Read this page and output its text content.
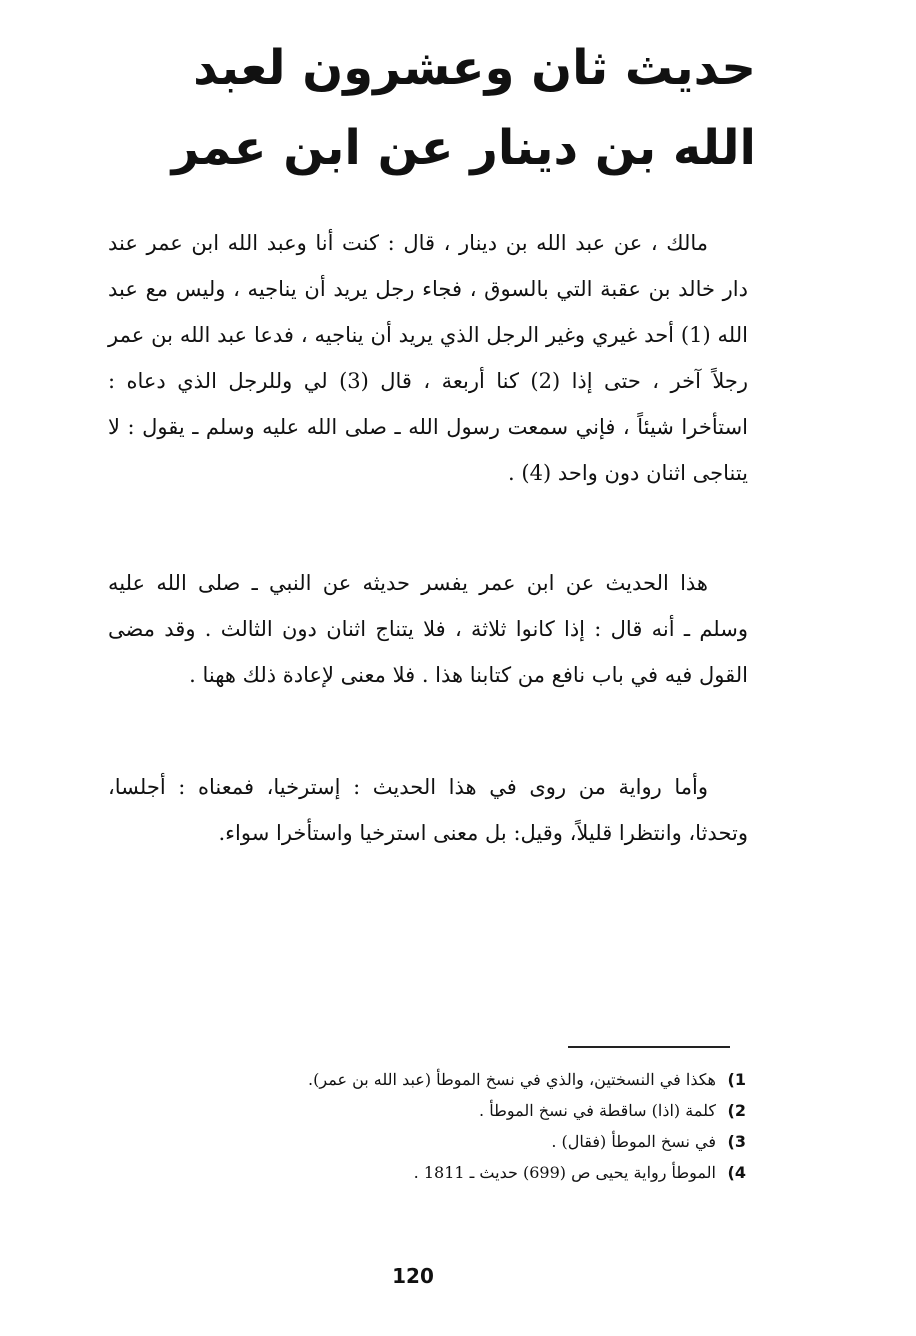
حديث ثان وعشرون لعبد الله بن دينار عن ابن عمر

مالك ، عن عبد الله بن دينار ، قال : كنت أنا وعبد الله ابن عمر عند دار خالد بن عقبة التي بالسوق ، فجاء رجل يريد أن يناجيه ، وليس مع عبد الله (1) أحد غيري وغير الرجل الذي يريد أن يناجيه ، فدعا عبد الله بن عمر رجلاً آخر ، حتى إذا (2) كنا أربعة ، قال (3) لي وللرجل الذي دعاه : استأخرا شيئاً ، فإني سمعت رسول الله ـ صلى الله عليه وسلم ـ يقول : لا يتناجى اثنان دون واحد (4) .

هذا الحديث عن ابن عمر يفسر حديثه عن النبي ـ صلى الله عليه وسلم ـ أنه قال : إذا كانوا ثلاثة ، فلا يتناج اثنان دون الثالث . وقد مضى القول فيه في باب نافع من كتابنا هذا . فلا معنى لإعادة ذلك ههنا .

وأما رواية من روى في هذا الحديث : إسترخيا، فمعناه : أجلسا، وتحدثا، وانتظرا قليلاً، وقيل: بل معنى استرخيا واستأخرا سواء.

1)
هكذا في النسختين، والذي في نسخ الموطأ (عبد الله بن عمر).
2)
كلمة (اذا) ساقطة في نسخ الموطأ .
3)
في نسخ الموطأ (فقال) .
4)
الموطأ رواية يحيى ص (699) حديث ـ 1811 .
120
